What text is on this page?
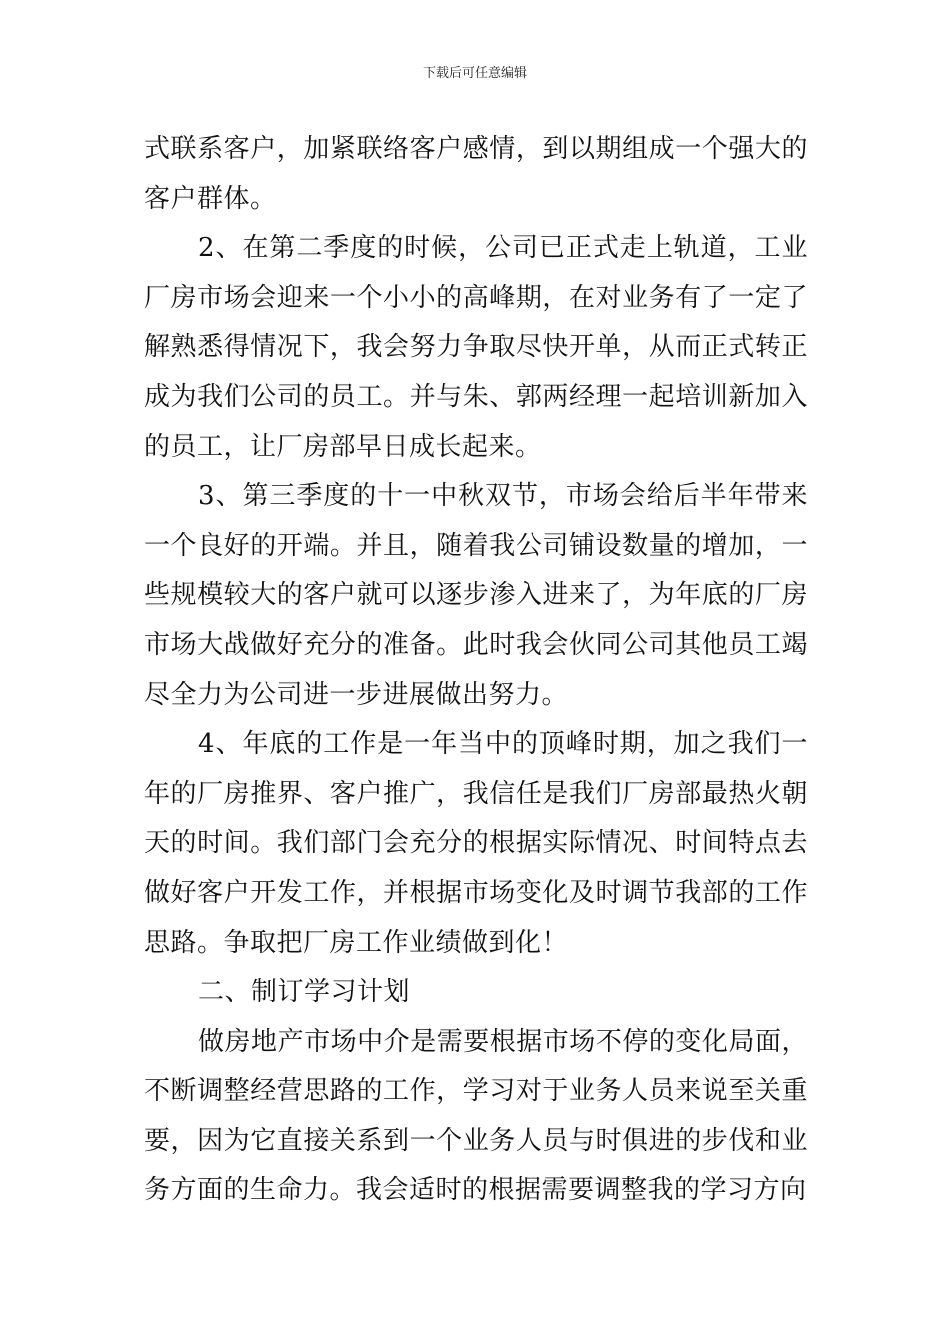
下载后可任意编辑

式联系客户，加紧联络客户感情，到以期组成一个强大的客户群体。

2、在第二季度的时候，公司已正式走上轨道，工业厂房市场会迎来一个小小的高峰期，在对业务有了一定了解熟悉得情况下，我会努力争取尽快开单，从而正式转正成为我们公司的员工。并与朱、郭两经理一起培训新加入的员工，让厂房部早日成长起来。

3、第三季度的十一中秋双节，市场会给后半年带来一个良好的开端。并且，随着我公司铺设数量的增加，一些规模较大的客户就可以逐步渗入进来了，为年底的厂房市场大战做好充分的准备。此时我会伙同公司其他员工竭尽全力为公司进一步进展做出努力。

4、年底的工作是一年当中的顶峰时期，加之我们一年的厂房推界、客户推广，我信任是我们厂房部最热火朝天的时间。我们部门会充分的根据实际情况、时间特点去做好客户开发工作，并根据市场变化及时调节我部的工作思路。争取把厂房工作业绩做到化！

二、制订学习计划

做房地产市场中介是需要根据市场不停的变化局面，不断调整经营思路的工作，学习对于业务人员来说至关重要，因为它直接关系到一个业务人员与时俱进的步伐和业务方面的生命力。我会适时的根据需要调整我的学习方向
